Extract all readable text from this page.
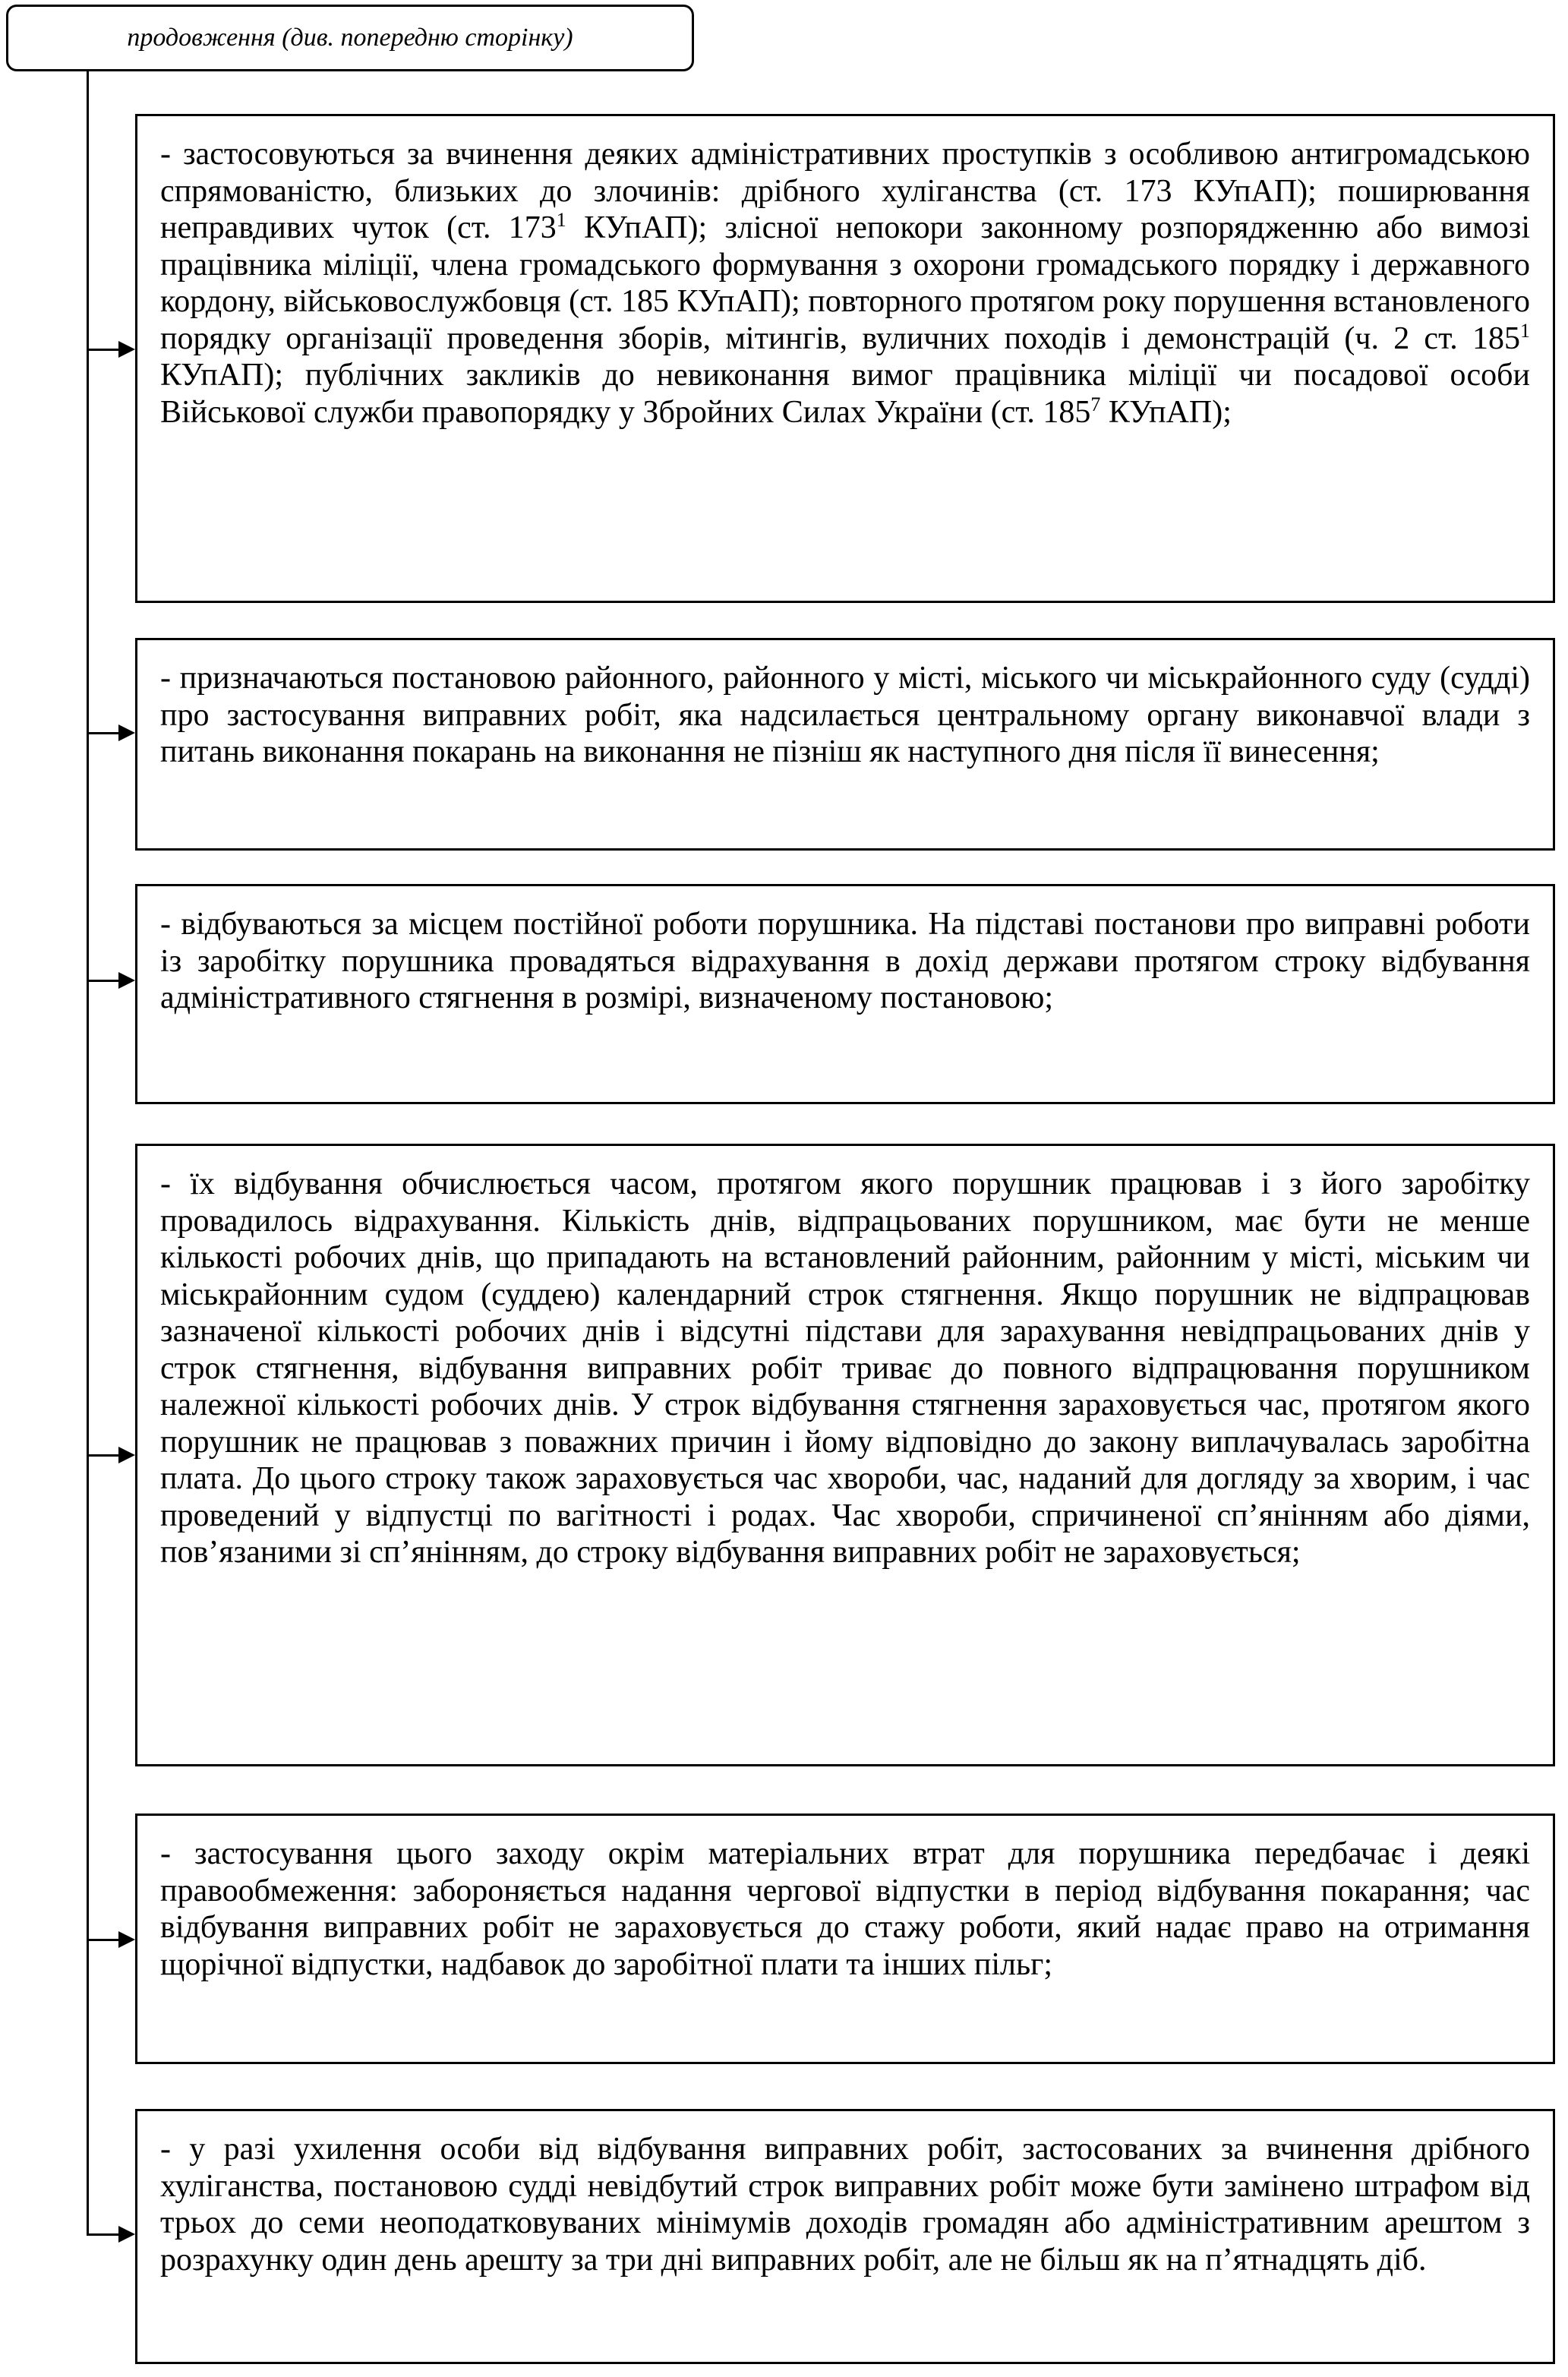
продовження (див. попередню сторінку)

- застосовуються за вчинення деяких адміністративних проступків з особливою антигромадською спрямованістю, близьких до злочинів: дрібного хуліганства (ст. 173 КУпАП); поширювання неправдивих чуток (ст. $173^1$ КУпАП); злісної непокори законному розпорядженню або вимозі працівника міліції, члена громадського формування з охорони громадського порядку і державного кордону, військовослужбовця (ст. 185 КУпАП); повторного протягом року порушення встановленого порядку організації проведення зборів, мітингів, вуличних походів і демонстрацій (ч. 2 ст. $185^1$ КУпАП); публічних закликів до невиконання вимог працівника міліції чи посадової особи Військової служби правопорядку у Збройних Силах України (ст. $185^7$ КУпАП);

- призначаються постановою районного, районного у місті, міського чи міськрайонного суду (судді) про застосування виправних робіт, яка надсилається центральному органу виконавчої влади з питань виконання покарань на виконання не пізніш як наступного дня після її винесення;

- відбуваються за місцем постійної роботи порушника. На підставі постанови про виправні роботи із заробітку порушника провадяться відрахування в дохід держави протягом строку відбування адміністративного стягнення в розмірі, визначеному постановою;

- їх відбування обчислюється часом, протягом якого порушник працював і з його заробітку провадилось відрахування. Кількість днів, відпрацьованих порушником, має бути не менше кількості робочих днів, що припадають на встановлений районним, районним у місті, міським чи міськрайонним судом (суддею) календарний строк стягнення. Якщо порушник не відпрацював зазначеної кількості робочих днів і відсутні підстави для зарахування невідпрацьованих днів у строк стягнення, відбування виправних робіт триває до повного відпрацювання порушником належної кількості робочих днів. У строк відбування стягнення зараховується час, протягом якого порушник не працював з поважних причин і йому відповідно до закону виплачувалась заробітна плата. До цього строку також зараховується час хвороби, час, наданий для догляду за хворим, і час проведений у відпустці по вагітності і родах. Час хвороби, спричиненої сп’янінням або діями, пов’язаними зі сп’янінням, до строку відбування виправних робіт не зараховується;

- застосування цього заходу окрім матеріальних втрат для порушника передбачає і деякі правообмеження: забороняється надання чергової відпустки в період відбування покарання; час відбування виправних робіт не зараховується до стажу роботи, який надає право на отримання щорічної відпустки, надбавок до заробітної плати та інших пільг;

- у разі ухилення особи від відбування виправних робіт, застосованих за вчинення дрібного хуліганства, постановою судді невідбутий строк виправних робіт може бути замінено штрафом від трьох до семи неоподатковуваних мінімумів доходів громадян або адміністративним арештом з розрахунку один день арешту за три дні виправних робіт, але не більш як на п’ятнадцять діб.
